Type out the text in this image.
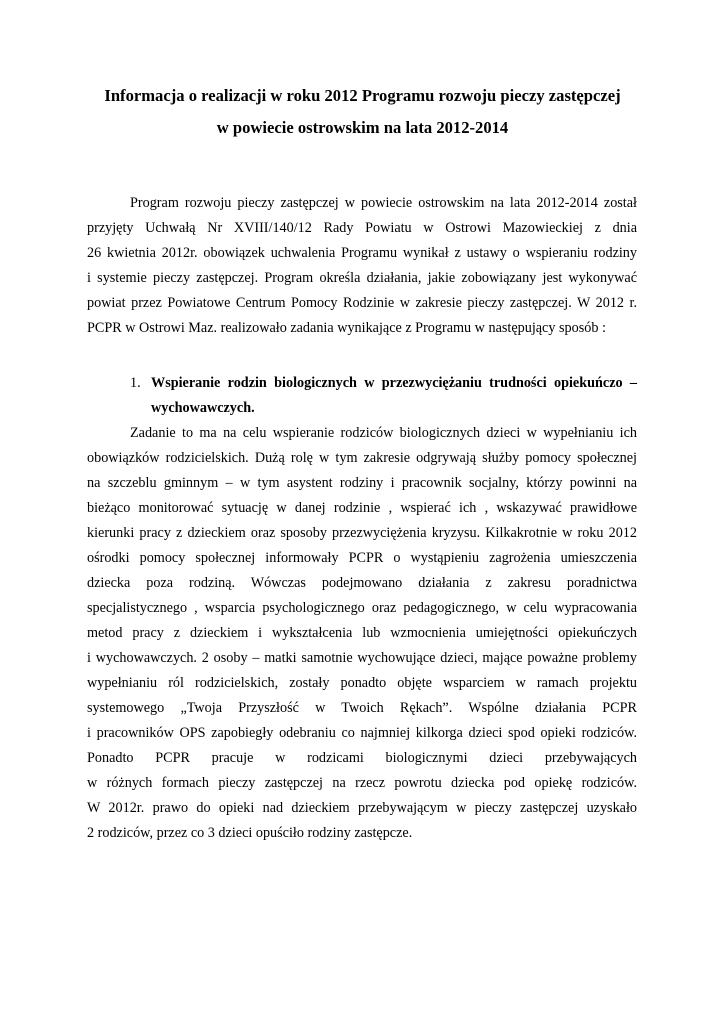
Informacja o realizacji w roku 2012 Programu rozwoju pieczy zastępczej
w powiecie ostrowskim na lata 2012-2014
Program rozwoju pieczy zastępczej w powiecie ostrowskim na lata 2012-2014 został
przyjęty Uchwałą Nr XVIII/140/12 Rady Powiatu w Ostrowi Mazowieckiej z dnia
26 kwietnia 2012r. obowiązek uchwalenia Programu wynikał z ustawy o wspieraniu rodziny
i systemie pieczy zastępczej. Program określa działania, jakie zobowiązany jest wykonywać
powiat przez Powiatowe Centrum Pomocy Rodzinie w zakresie pieczy zastępczej. W 2012 r.
PCPR w Ostrowi Maz. realizowało zadania wynikające z Programu w następujący sposób :
1. Wspieranie rodzin biologicznych w przezwyciężaniu trudności opiekuńczo –
wychowawczych.
Zadanie to ma na celu wspieranie rodziców biologicznych dzieci w wypełnianiu ich
obowiązków rodzicielskich. Dużą rolę w tym zakresie odgrywają służby pomocy społecznej
na szczeblu gminnym – w tym asystent rodziny i pracownik socjalny, którzy powinni na
bieżąco monitorować sytuację w danej rodzinie , wspierać ich , wskazywać prawidłowe
kierunki pracy z dzieckiem oraz sposoby przezwyciężenia kryzysu. Kilkakrotnie w roku 2012
ośrodki pomocy społecznej informowały PCPR o wystąpieniu zagrożenia umieszczenia
dziecka poza rodziną. Wówczas podejmowano działania z zakresu poradnictwa
specjalistycznego , wsparcia psychologicznego oraz pedagogicznego, w celu wypracowania
metod pracy z dzieckiem i wykształcenia lub wzmocnienia umiejętności opiekuńczych
i wychowawczych. 2 osoby – matki samotnie wychowujące dzieci, mające poważne problemy
wypełnianiu ról rodzicielskich, zostały ponadto objęte wsparciem w ramach projektu
systemowego „Twoja Przyszłość w Twoich Rękach”. Wspólne działania PCPR
i pracowników OPS zapobiegły odebraniu co najmniej kilkorga dzieci spod opieki rodziców.
Ponadto PCPR pracuje w rodzicami biologicznymi dzieci przebywających
w różnych formach pieczy zastępczej na rzecz powrotu dziecka pod opiekę rodziców.
W 2012r. prawo do opieki nad dzieckiem przebywającym w pieczy zastępczej uzyskało
2 rodziców, przez co 3 dzieci opuściło rodziny zastępcze.
